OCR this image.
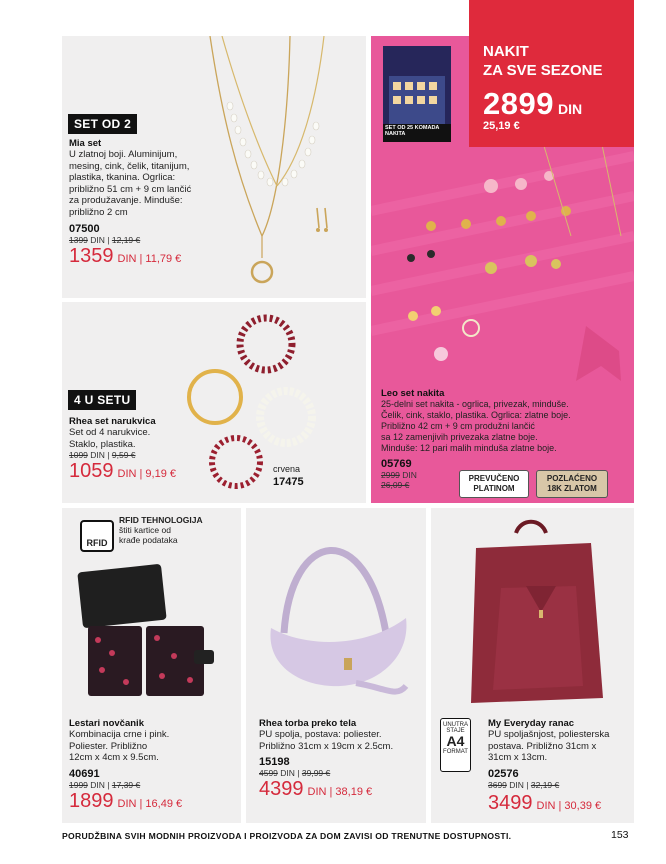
NAKIT
ZA SVE SEZONE
2899 DIN
25,19 €
SET OD 2
Mia set
U zlatnoj boji. Aluminijum,
mesing, cink, čelik, titanijum,
plastika, tkanina. Ogrlica:
približno 51 cm + 9 cm lančić
za produžavanje. Minduše:
približno 2 cm
07500
1399 DIN | 12,19 €
1359 DIN | 11,79 €
SET OD 25 KOMADA NAKITA
Leo set nakita
25-delni set nakita - ogrlica, privezak, minduše.
Čelik, cink, staklo, plastika. Ogrlica: zlatne boje.
Približno 42 cm + 9 cm produžni lančić
sa 12 zamenjivih privezaka zlatne boje.
Minduše: 12 pari malih minduša zlatne boje.
05769
2999 DIN
26,09 €
PREVUČENO PLATINOM
POZLAĆENO 18K ZLATOM
4 U SETU
Rhea set narukvica
Set od 4 narukvice.
Staklo, plastika.
1099 DIN | 9,59 €
1059 DIN | 9,19 €	crvena
17475
RFID
RFID TEHNOLOGIJA
štiti kartice od
krađe podataka
Lestari novčanik
Kombinacija crne i pink.
Poliester. Približno
12cm x 4cm x 9.5cm.
40691
1999 DIN | 17,39 €
1899 DIN | 16,49 €
Rhea torba preko tela
PU spolja, postava: poliester.
Približno 31cm x 19cm x 2.5cm.
15198
4599 DIN | 39,99 €
4399 DIN | 38,19 €
UNUTRA
STAJE
A4
FORMAT
My Everyday ranac
PU spoljašnjost, poliesterska
postava. Približno 31cm x
31cm x 13cm.
02576
3699 DIN | 32,19 €
3499 DIN | 30,39 €
PORUDŽBINA SVIH MODNIH PROIZVODA I PROIZVODA ZA DOM ZAVISI OD TRENUTNE DOSTUPNOSTI.	153
